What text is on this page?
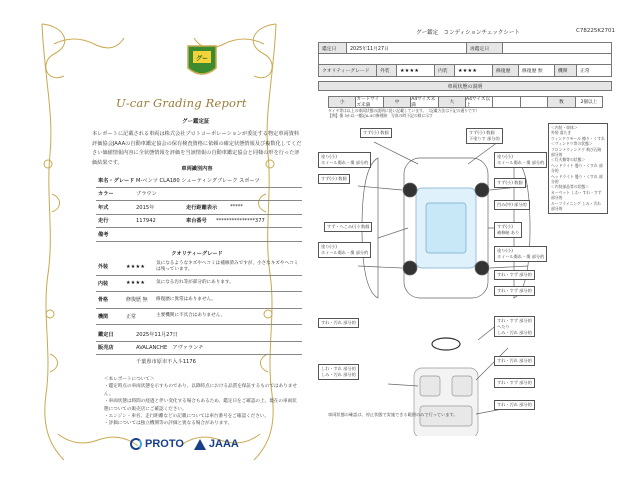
グー
U-car Grading Report
グー鑑定証
本レポートに記載される車両は株式会社プロトコーポレーションが委託する物定車両資料評価協会JAAAの自動車鑑定協会の保有検査資格に依頼の確定状態情報及び複数化してください価値情報内容に全状態情報を評価を当該情報の自動車鑑定協会と同様の形を行った評価結果です。
車両識別内容
車名・グレード M-ベンツ CLA180 シューティングブレーク スポーツ
カラー	ブラウン
年式	2015年	走行距離表示	*****
走行	117942	車台番号	***************377
備考
クオリティーグレード
外装	★★★★
気になるようなキズやヘコミは補修済みですが、小さなキズやヘコミは残っています。
内装	★★★★	気になる汚れ等が部分的にあります。
骨格	修復歴 無	修復歴に異常はありません。
機関	正常	主要機関に不具合はありません。
鑑定日	2025年11月27日
販売店	AVALANCHE　アヴァランチ
千葉県市原市不入斗1176
＜本レポートについて＞
・鑑定時点の車両状態を示すものであり、以降時点における品質を保証するものではありません。
・車両状態は時間の経過と伴い変化する場合もあるため、鑑定日をご確認の上、現在の車両状態についての販売店にご確認ください。
・エンジン・車名、走行距離などの記載については車台番号をご確認ください。
・評価については独立機関等の評価と異なる場合があります。
PROTO JAAA
グー鑑定　コンディションチェックシート	C78225K2701
鑑定日	2025年11月27日	再鑑定日
クオリティーグレード	外装	★★★★	内装	★★★★	修復歴	修復歴 無	機関	正常
車両状態の説明
小
カードサイズ未満
中
A4サイズ未満
大
A4サイズ以上
数	2個以上
タイヤ等は以上の車両状態の説明に従い記載しています。（記載方法は下記の通りです）
【例】傷 3か以一種記A-4の修理跡　写真の時下記の様に示す
すず(小) 数個	すず(小) 数個
下塗りす 部分的
塗り(小)
ホイール傷れ・傷 部分的
塗り(小)
ホイール傷れ・傷 部分的
すず(小) 数個
すず(小) 数個
凹み(中) 部分的
すず・へこみ(小) 数個	すず(小)
補修跡 あり
塗り(小)
ホイール傷れ・傷 部分的	塗り(小)
ホイール傷れ・傷 部分的
すれ・すず 部分的
すれ・すず 部分的
すれ・汚れ 部分的	すれ・すず 部分的
へたり
しみ・汚れ 部分的
しわ・すれ 部分的
しみ・汚れ 部分的
すれ・汚れ 部分的
すれ・すず 部分的
すれ・汚れ 部分的
＜内装・車体＞
外装 落ちき
ウィンドウモール 擦り・くすれ
＜ヴィンドウ等の状態＞
フロントウィンドウ 飛び石跡 部分的
＜灯火類等の状態＞
ヘッドライト 曇り・くすれ 部分的
ヘッドライト 曇り・くすれ 部分的
＜内装部品等の状態＞
カーペット しわ・すれ・すず 部分的
ルーフライニング しみ・汚れ 部分的
車両状態の確認は、停止状態で実施できる範囲のみで行っています。
